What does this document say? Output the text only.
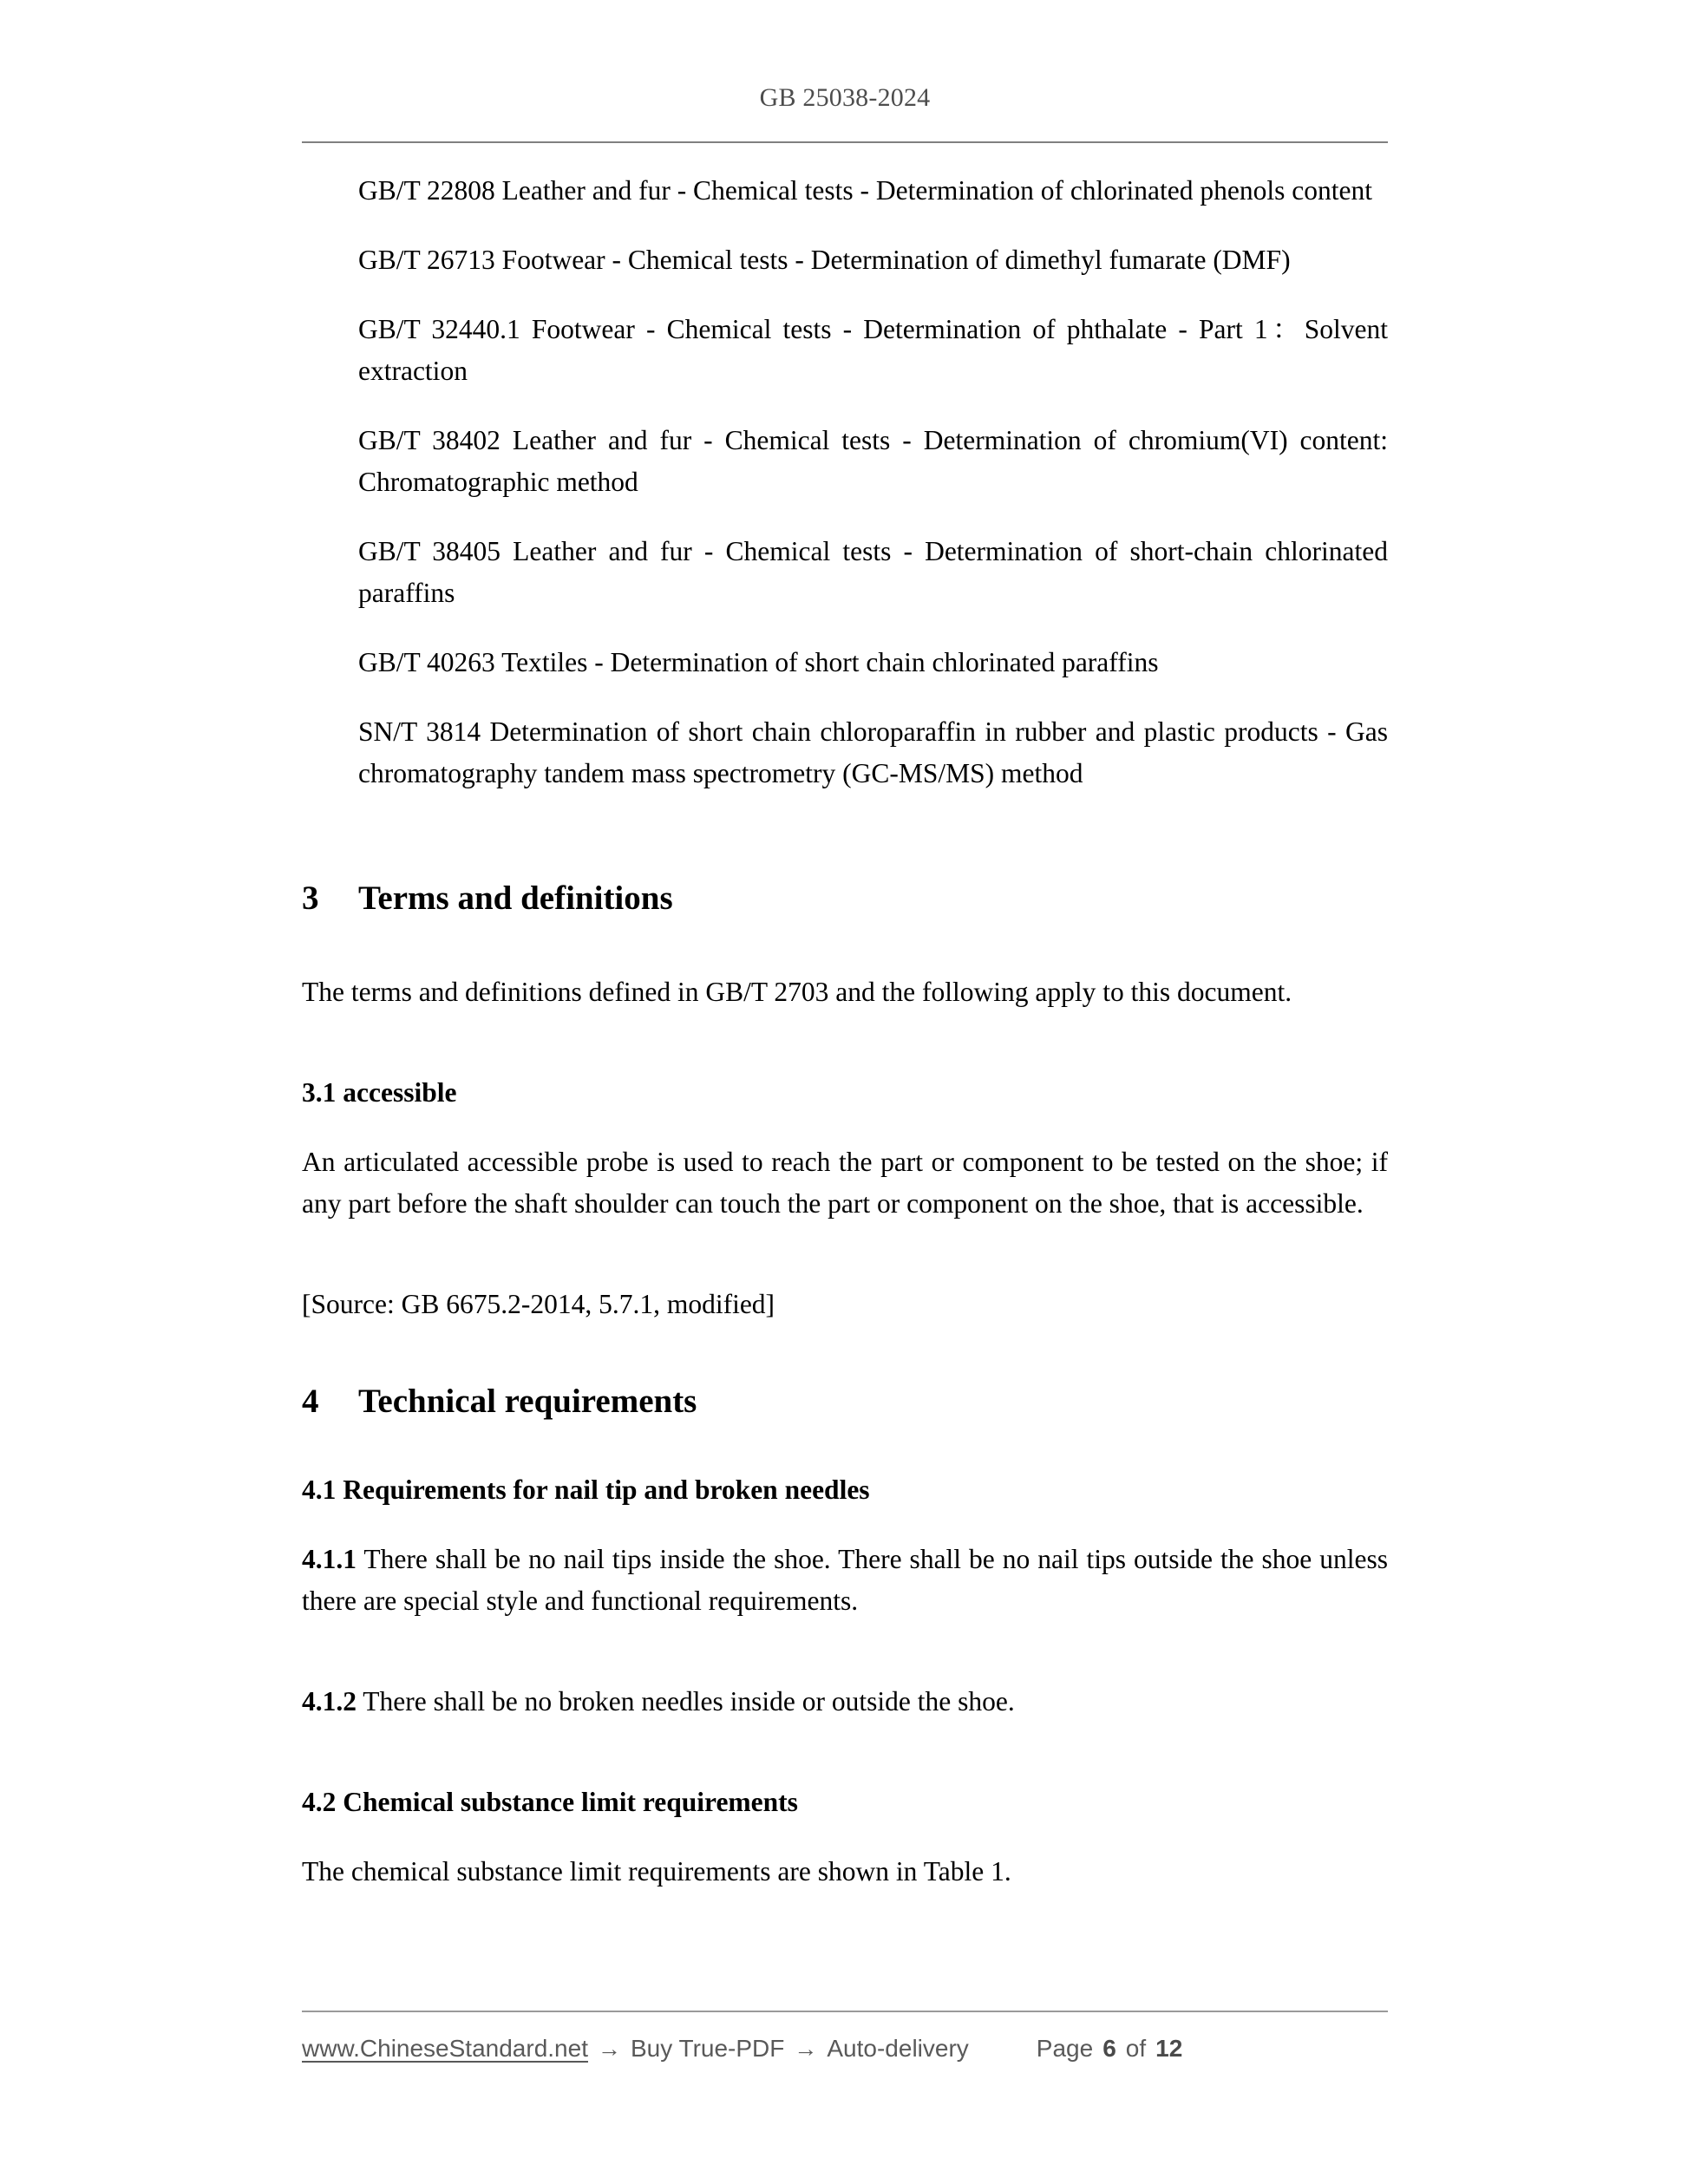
GB 25038-2024

GB/T 22808 Leather and fur - Chemical tests - Determination of chlorinated phenols content

GB/T 26713 Footwear - Chemical tests - Determination of dimethyl fumarate (DMF)

GB/T 32440.1 Footwear - Chemical tests - Determination of phthalate - Part 1：Solvent extraction

GB/T 38402 Leather and fur - Chemical tests - Determination of chromium(VI) content: Chromatographic method

GB/T 38405 Leather and fur - Chemical tests - Determination of short-chain chlorinated paraffins

GB/T 40263 Textiles - Determination of short chain chlorinated paraffins

SN/T 3814 Determination of short chain chloroparaffin in rubber and plastic products - Gas chromatography tandem mass spectrometry (GC-MS/MS) method

3	Terms and definitions

The terms and definitions defined in GB/T 2703 and the following apply to this document.

3.1 accessible

An articulated accessible probe is used to reach the part or component to be tested on the shoe; if any part before the shaft shoulder can touch the part or component on the shoe, that is accessible.

[Source: GB 6675.2-2014, 5.7.1, modified]

4	Technical requirements

4.1 Requirements for nail tip and broken needles

4.1.1 There shall be no nail tips inside the shoe. There shall be no nail tips outside the shoe unless there are special style and functional requirements.

4.1.2 There shall be no broken needles inside or outside the shoe.

4.2 Chemical substance limit requirements

The chemical substance limit requirements are shown in Table 1.

www.ChineseStandard.net → Buy True-PDF → Auto-delivery	Page 6 of 12
